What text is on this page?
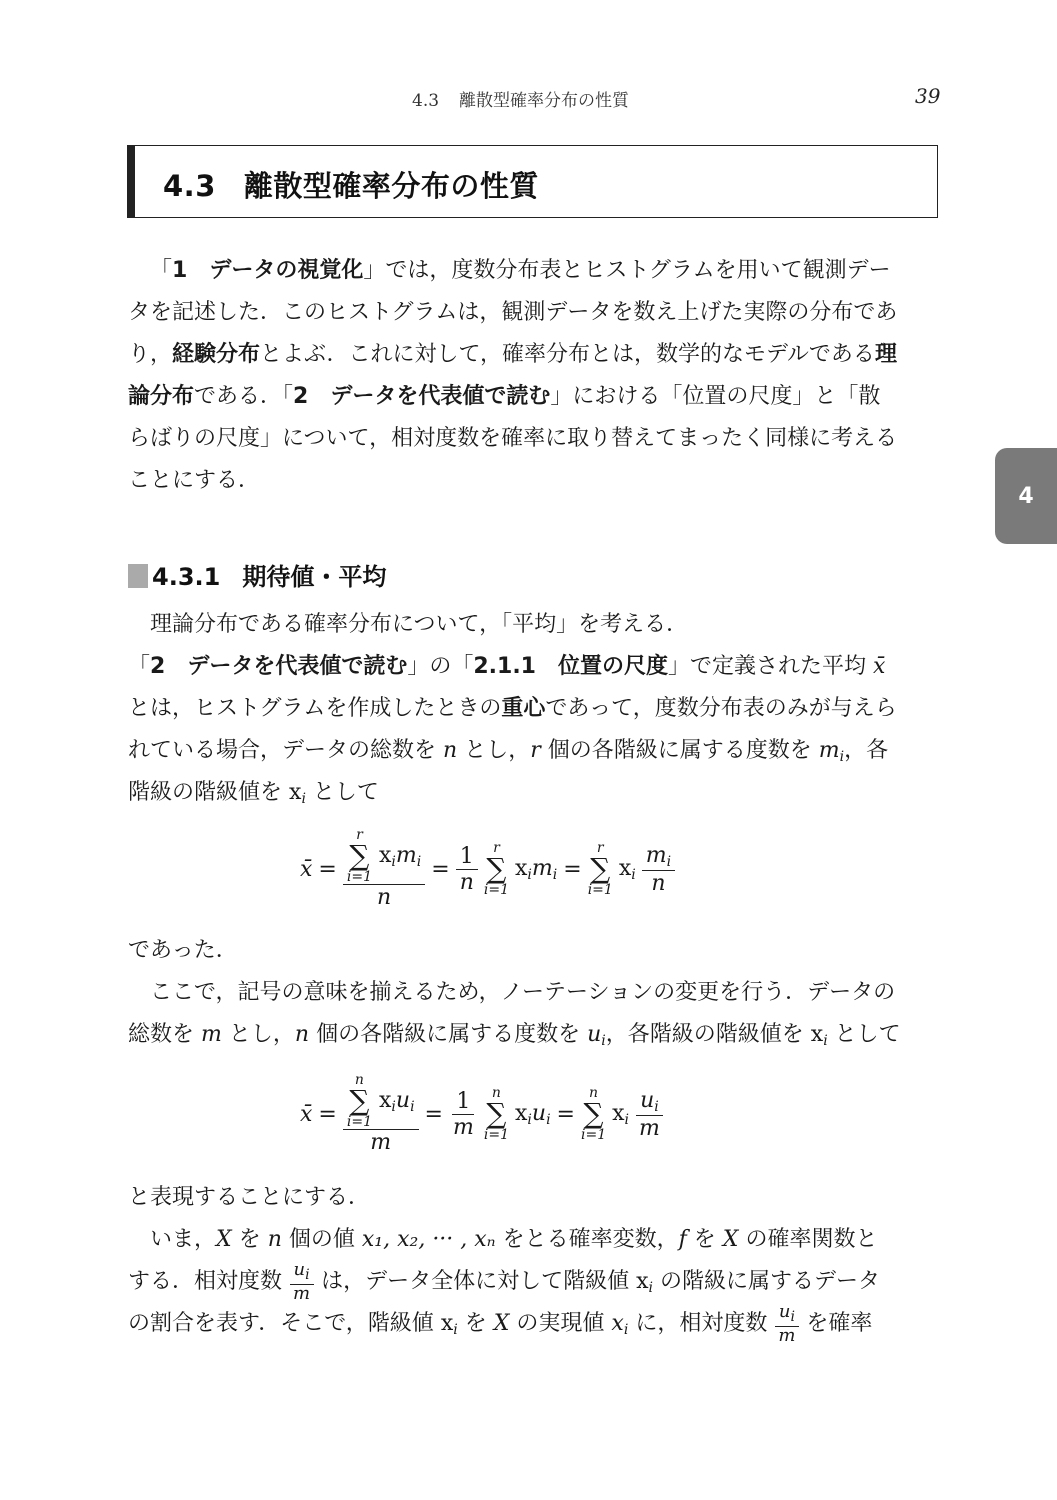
4.3 離散型確率分布の性質	39
4.3 離散型確率分布の性質
4
「1　データの視覚化」では，度数分布表とヒストグラムを用いて観測デー
タを記述した．このヒストグラムは，観測データを数え上げた実際の分布であ
り，経験分布とよぶ．これに対して，確率分布とは，数学的なモデルである理
論分布である．「2　データを代表値で読む」における「位置の尺度」と「散
らばりの尺度」について，相対度数を確率に取り替えてまったく同様に考える
ことにする．
4.3.1 期待値・平均
理論分布である確率分布について，「平均」を考える．
「2　データを代表値で読む」の「2.1.1　位置の尺度」で定義された平均 x̄
とは，ヒストグラムを作成したときの重心であって，度数分布表のみが与えら
れている場合，データの総数を n とし，r 個の各階級に属する度数を $m_i$，各
階級の階級値を $x_i$ として
x̄ = r
∑
i=1
$x_im_i$
$n = \frac{1}{n}$ r
∑
i=1
$x_im_i$ =
r
∑
i=1
$x_i \frac{m_i}{n}$
であった．
ここで，記号の意味を揃えるため，ノーテーションの変更を行う．データの
総数を m とし，n 個の各階級に属する度数を $u_i$，各階級の階級値を $x_i$ として
x̄ = n
∑
i=1
$x_iu_i$
$m = \frac{1}{m}$ n
∑
i=1
$x_iu_i$ =
n
∑
i=1
$x_i \frac{u_i}{m}$
と表現することにする．
いま，X を n 個の値 x₁, x₂, ··· , xₙ をとる確率変数，f を X の確率関数と
する．相対度数 $\frac{u_i}{m}$ は，データ全体に対して階級値 $x_i$ の階級に属するデータ
の割合を表す．そこで，階級値 $x_i$ を X の実現値 $x_i$ に，相対度数 $\frac{u_i}{m}$ を確率
